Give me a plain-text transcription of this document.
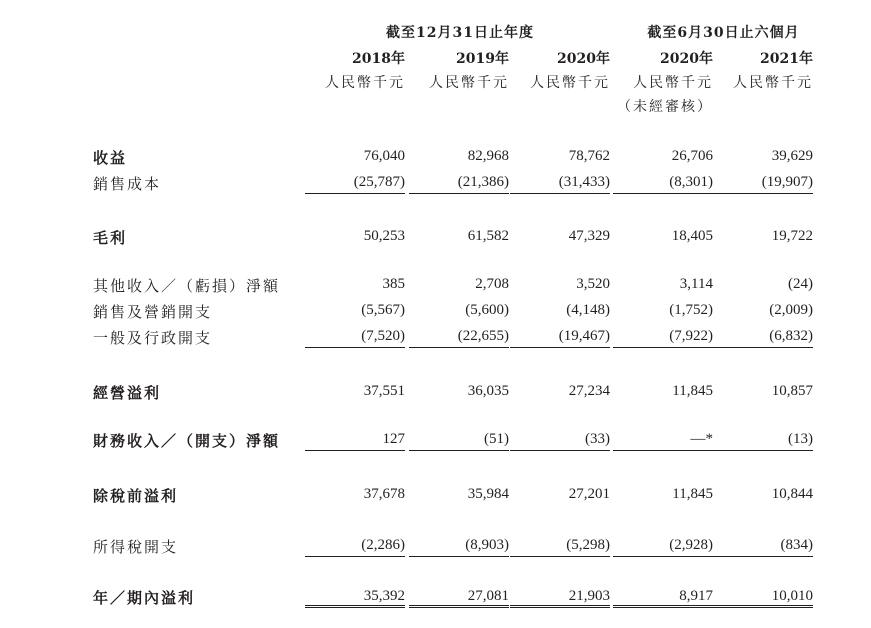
截至12月31日止年度	截至6月30日止六個月
2018年	2019年	2020年	2020年	2021年
人民幣千元	人民幣千元	人民幣千元	人民幣千元	人民幣千元
（未經審核）
收益	76,040	82,968	78,762	26,706	39,629
銷售成本	(25,787)	(21,386)	(31,433)	(8,301)	(19,907)
毛利	50,253	61,582	47,329	18,405	19,722
其他收入／（虧損）淨額	385	2,708	3,520	3,114	(24)
銷售及營銷開支	(5,567)	(5,600)	(4,148)	(1,752)	(2,009)
一般及行政開支	(7,520)	(22,655)	(19,467)	(7,922)	(6,832)
經營溢利	37,551	36,035	27,234	11,845	10,857
財務收入／（開支）淨額	127	(51)	(33)	—*	(13)
除稅前溢利	37,678	35,984	27,201	11,845	10,844
所得稅開支	(2,286)	(8,903)	(5,298)	(2,928)	(834)
年／期內溢利	35,392	27,081	21,903	8,917	10,010
